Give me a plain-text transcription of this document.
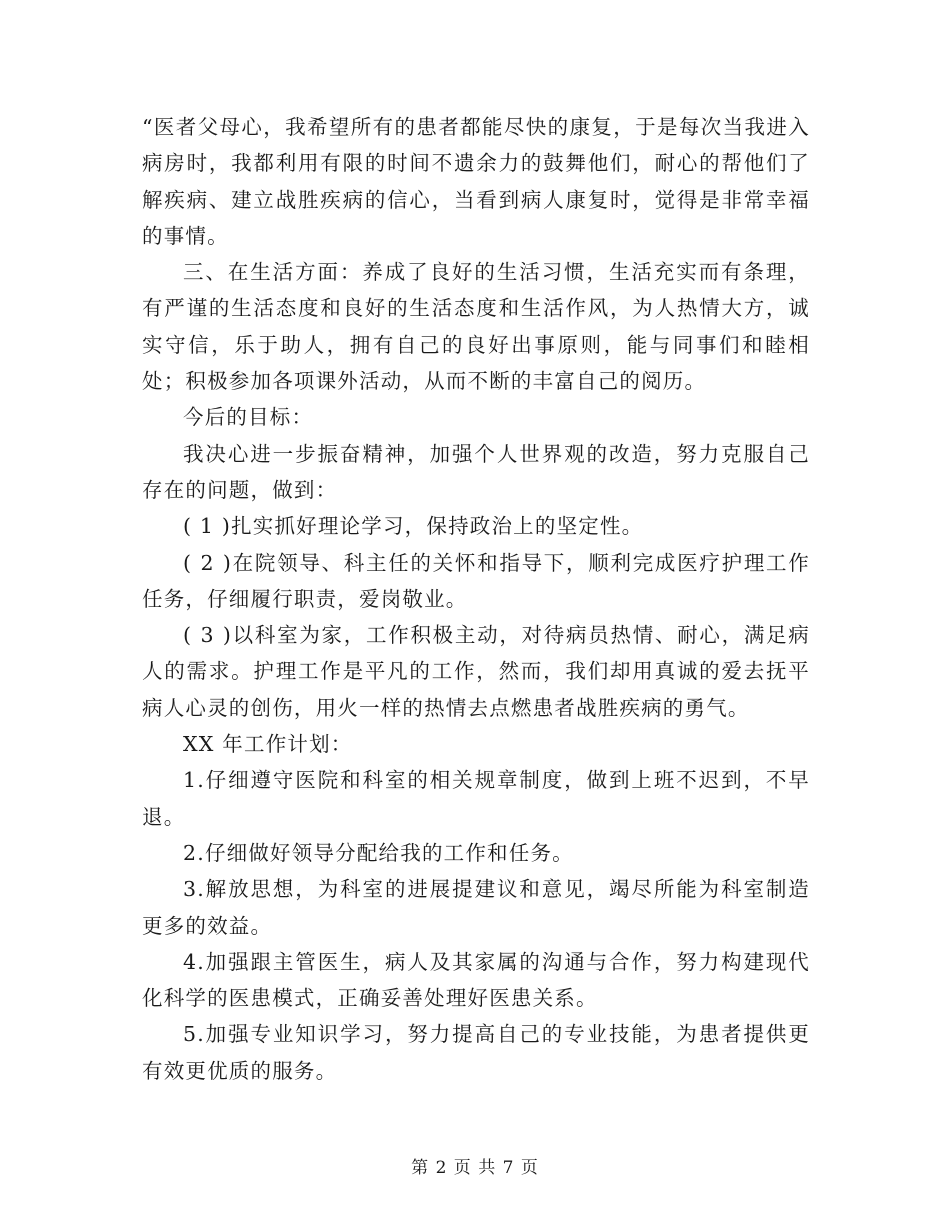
“医者父母心，我希望所有的患者都能尽快的康复，于是每次当我进入病房时，我都利用有限的时间不遗余力的鼓舞他们，耐心的帮他们了解疾病、建立战胜疾病的信心，当看到病人康复时，觉得是非常幸福的事情。

三、在生活方面：养成了良好的生活习惯，生活充实而有条理，有严谨的生活态度和良好的生活态度和生活作风，为人热情大方，诚实守信，乐于助人，拥有自己的良好出事原则，能与同事们和睦相处；积极参加各项课外活动，从而不断的丰富自己的阅历。

今后的目标：

我决心进一步振奋精神，加强个人世界观的改造，努力克服自己存在的问题，做到：

( 1 )扎实抓好理论学习，保持政治上的坚定性。

( 2 )在院领导、科主任的关怀和指导下，顺利完成医疗护理工作任务，仔细履行职责，爱岗敬业。

( 3 )以科室为家，工作积极主动，对待病员热情、耐心，满足病人的需求。护理工作是平凡的工作，然而，我们却用真诚的爱去抚平病人心灵的创伤，用火一样的热情去点燃患者战胜疾病的勇气。

XX 年工作计划：

1.仔细遵守医院和科室的相关规章制度，做到上班不迟到，不早退。

2.仔细做好领导分配给我的工作和任务。

3.解放思想，为科室的进展提建议和意见，竭尽所能为科室制造更多的效益。

4.加强跟主管医生，病人及其家属的沟通与合作，努力构建现代化科学的医患模式，正确妥善处理好医患关系。

5.加强专业知识学习，努力提高自己的专业技能，为患者提供更有效更优质的服务。

第 2 页 共 7 页
